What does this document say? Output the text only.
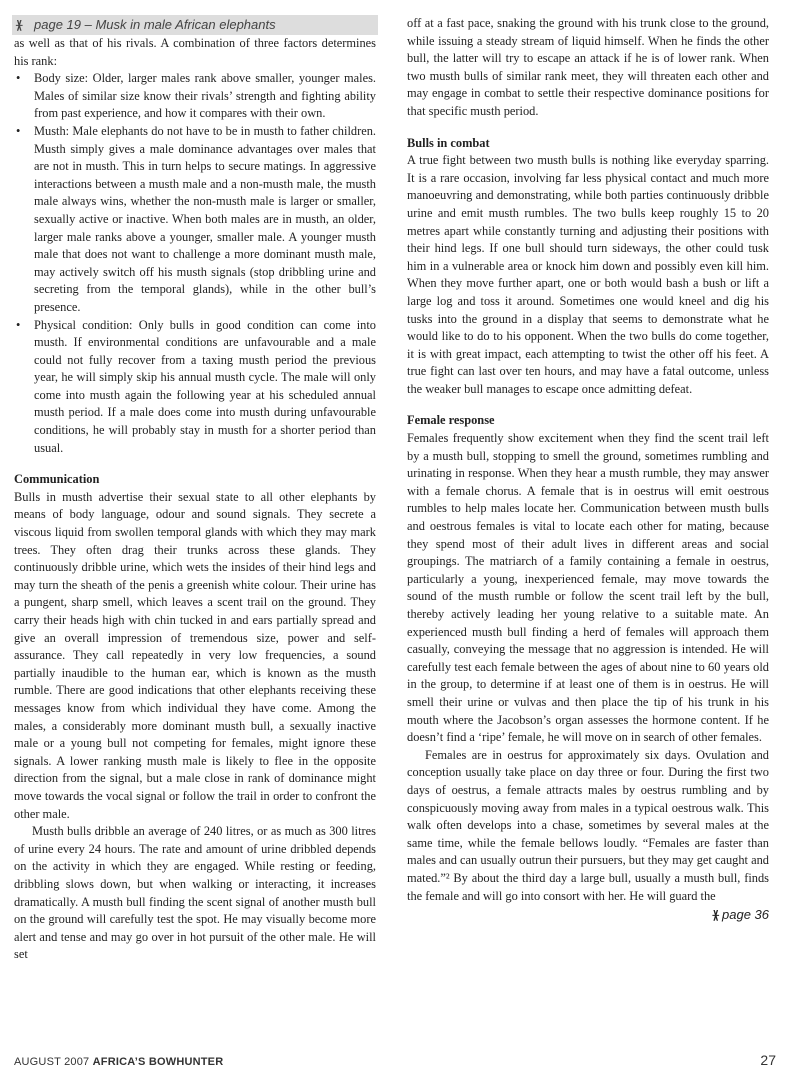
ᚕ page 19 – Musk in male African elephants

as well as that of his rivals. A combination of three factors determines his rank:

• Body size: Older, larger males rank above smaller, younger males. Males of similar size know their rivals’ strength and fighting ability from past experience, and how it compares with their own.
• Musth: Male elephants do not have to be in musth to father children. Musth simply gives a male dominance advantages over males that are not in musth. This in turn helps to secure matings. In aggressive interactions between a musth male and a non-musth male, the musth male always wins, whether the non-musth male is larger or smaller, sexually active or inactive. When both males are in musth, an older, larger male ranks above a younger, smaller male. A younger musth male that does not want to challenge a more dominant musth male, may actively switch off his musth signals (stop dribbling urine and secreting from the temporal glands), while in the other bull’s presence.
• Physical condition: Only bulls in good condition can come into musth. If environmental conditions are unfavourable and a male could not fully recover from a taxing musth period the previous year, he will simply skip his annual musth cycle. The male will only come into musth again the following year at his scheduled annual musth period. If a male does come into musth during unfavourable conditions, he will probably stay in musth for a shorter period than usual.
Communication

Bulls in musth advertise their sexual state to all other elephants by means of body language, odour and sound signals. They secrete a viscous liquid from swollen temporal glands with which they may mark trees. They often drag their trunks across these glands. They continuously dribble urine, which wets the insides of their hind legs and may turn the sheath of the penis a greenish white colour. Their urine has a pungent, sharp smell, which leaves a scent trail on the ground. They carry their heads high with chin tucked in and ears partially spread and give an overall impression of tremendous size, power and self-assurance. They call repeatedly in very low frequencies, a sound partially inaudible to the human ear, which is known as the musth rumble. There are good indications that other elephants receiving these messages know from which individual they have come. Among the males, a considerably more dominant musth bull, a sexually inactive male or a young bull not competing for females, might ignore these signals. A lower ranking musth male is likely to flee in the opposite direction from the signal, but a male close in rank of dominance might move towards the vocal signal or follow the trail in order to confront the other male.

Musth bulls dribble an average of 240 litres, or as much as 300 litres of urine every 24 hours. The rate and amount of urine dribbled depends on the activity in which they are engaged. While resting or feeding, dribbling slows down, but when walking or interacting, it increases dramatically. A musth bull finding the scent signal of another musth bull on the ground will carefully test the spot. He may visually become more alert and tense and may go over in hot pursuit of the other male. He will set

off at a fast pace, snaking the ground with his trunk close to the ground, while issuing a steady stream of liquid himself. When he finds the other bull, the latter will try to escape an attack if he is of lower rank. When two musth bulls of similar rank meet, they will threaten each other and may engage in combat to settle their respective dominance positions for that specific musth period.

Bulls in combat

A true fight between two musth bulls is nothing like everyday sparring. It is a rare occasion, involving far less physical contact and much more manoeuvring and demonstrating, while both parties continuously dribble urine and emit musth rumbles. The two bulls keep roughly 15 to 20 metres apart while constantly turning and adjusting their positions with their hind legs. If one bull should turn sideways, the other could tusk him in a vulnerable area or knock him down and possibly even kill him. When they move further apart, one or both would bash a bush or lift a large log and toss it around. Sometimes one would kneel and dig his tusks into the ground in a display that seems to demonstrate what he would like to do to his opponent. When the two bulls do come together, it is with great impact, each attempting to twist the other off his feet. A true fight can last over ten hours, and may have a fatal outcome, unless the weaker bull manages to escape once admitting defeat.

Female response

Females frequently show excitement when they find the scent trail left by a musth bull, stopping to smell the ground, sometimes rumbling and urinating in response. When they hear a musth rumble, they may answer with a female chorus. A female that is in oestrus will emit oestrous rumbles to help males locate her. Communication between musth bulls and oestrous females is vital to locate each other for mating, because they spend most of their adult lives in different areas and social groupings. The matriarch of a family containing a female in oestrus, particularly a young, inexperienced female, may move towards the sound of the musth rumble or follow the scent trail left by the bull, thereby actively leading her young relative to a suitable mate. An experienced musth bull finding a herd of females will approach them casually, conveying the message that no aggression is intended. He will carefully test each female between the ages of about nine to 60 years old in the group, to determine if at least one of them is in oestrus. He will smell their urine or vulvas and then place the tip of his trunk in his mouth where the Jacobson’s organ assesses the hormone content. If he doesn’t find a ‘ripe’ female, he will move on in search of other females.

Females are in oestrus for approximately six days. Ovulation and conception usually take place on day three or four. During the first two days of oestrus, a female attracts males by oestrus rumbling and by conspicuously moving away from males in a typical oestrous walk. This walk often develops into a chase, sometimes by several males at the same time, while the female bellows loudly. “Females are faster than males and can usually outrun their pursuers, but they may get caught and mated.”² By about the third day a large bull, usually a musth bull, finds the female and will go into consort with her. He will guard the

ᚕ page 36
AUGUST 2007 AFRICA’S BOWHUNTER	27
